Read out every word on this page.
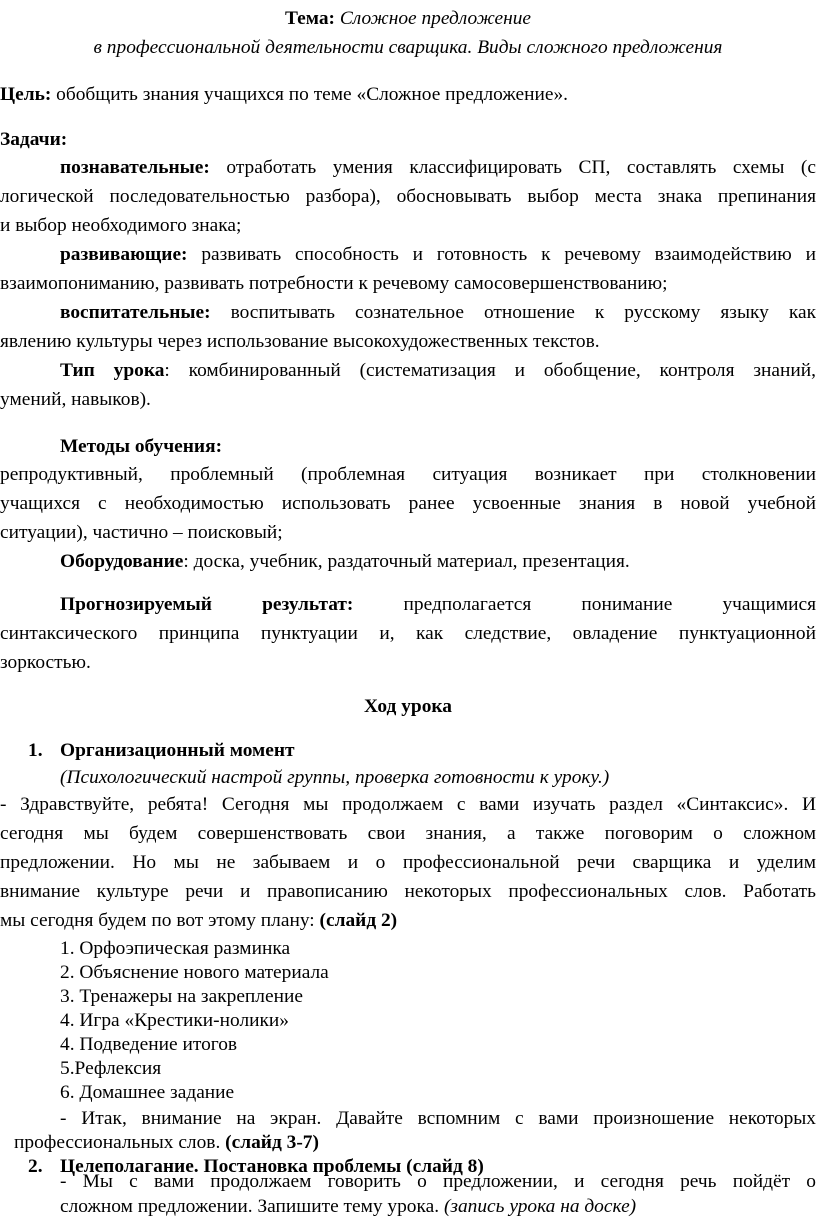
Тема: Сложное предложение
в профессиональной деятельности сварщика. Виды сложного предложения
Цель: обобщить знания учащихся по теме «Сложное предложение».
Задачи:
познавательные: отработать умения классифицировать СП, составлять схемы (с
логической последовательностью разбора), обосновывать выбор места знака препинания
и выбор необходимого знака;
развивающие: развивать способность и готовность к речевому взаимодействию и
взаимопониманию, развивать потребности к речевому самосовершенствованию;
воспитательные: воспитывать сознательное отношение к русскому языку как
явлению культуры через использование высокохудожественных текстов.
Тип урока: комбинированный (систематизация и обобщение, контроля знаний,
умений, навыков).
Методы обучения:
репродуктивный, проблемный (проблемная ситуация возникает при столкновении
учащихся с необходимостью использовать ранее усвоенные знания в новой учебной
ситуации), частично – поисковый;
Оборудование: доска, учебник, раздаточный материал, презентация.
Прогнозируемый результат:	предполагается понимание учащимися
синтаксического принципа пунктуации и, как следствие, овладение пунктуационной
зоркостью.
Ход урока
1. Организационный момент
(Психологический настрой группы, проверка готовности к уроку.)
- Здравствуйте, ребята! Сегодня мы продолжаем с вами изучать раздел «Синтаксис». И
сегодня мы будем совершенствовать свои знания, а также поговорим о сложном
предложении. Но мы не забываем и о профессиональной речи сварщика и уделим
внимание культуре речи и правописанию некоторых профессиональных слов. Работать
мы сегодня будем по вот этому плану: (слайд 2)
1. Орфоэпическая разминка
2. Объяснение нового материала
3. Тренажеры на закрепление
4. Игра «Крестики-нолики»
4. Подведение итогов
5.Рефлексия
6. Домашнее задание
- Итак, внимание на экран. Давайте вспомним с вами произношение некоторых
профессиональных слов. (слайд 3-7)
2. Целеполагание. Постановка проблемы (слайд 8)
- Мы с вами продолжаем говорить о предложении, и сегодня речь пойдёт о
сложном предложении. Запишите тему урока. (запись урока на доске)
